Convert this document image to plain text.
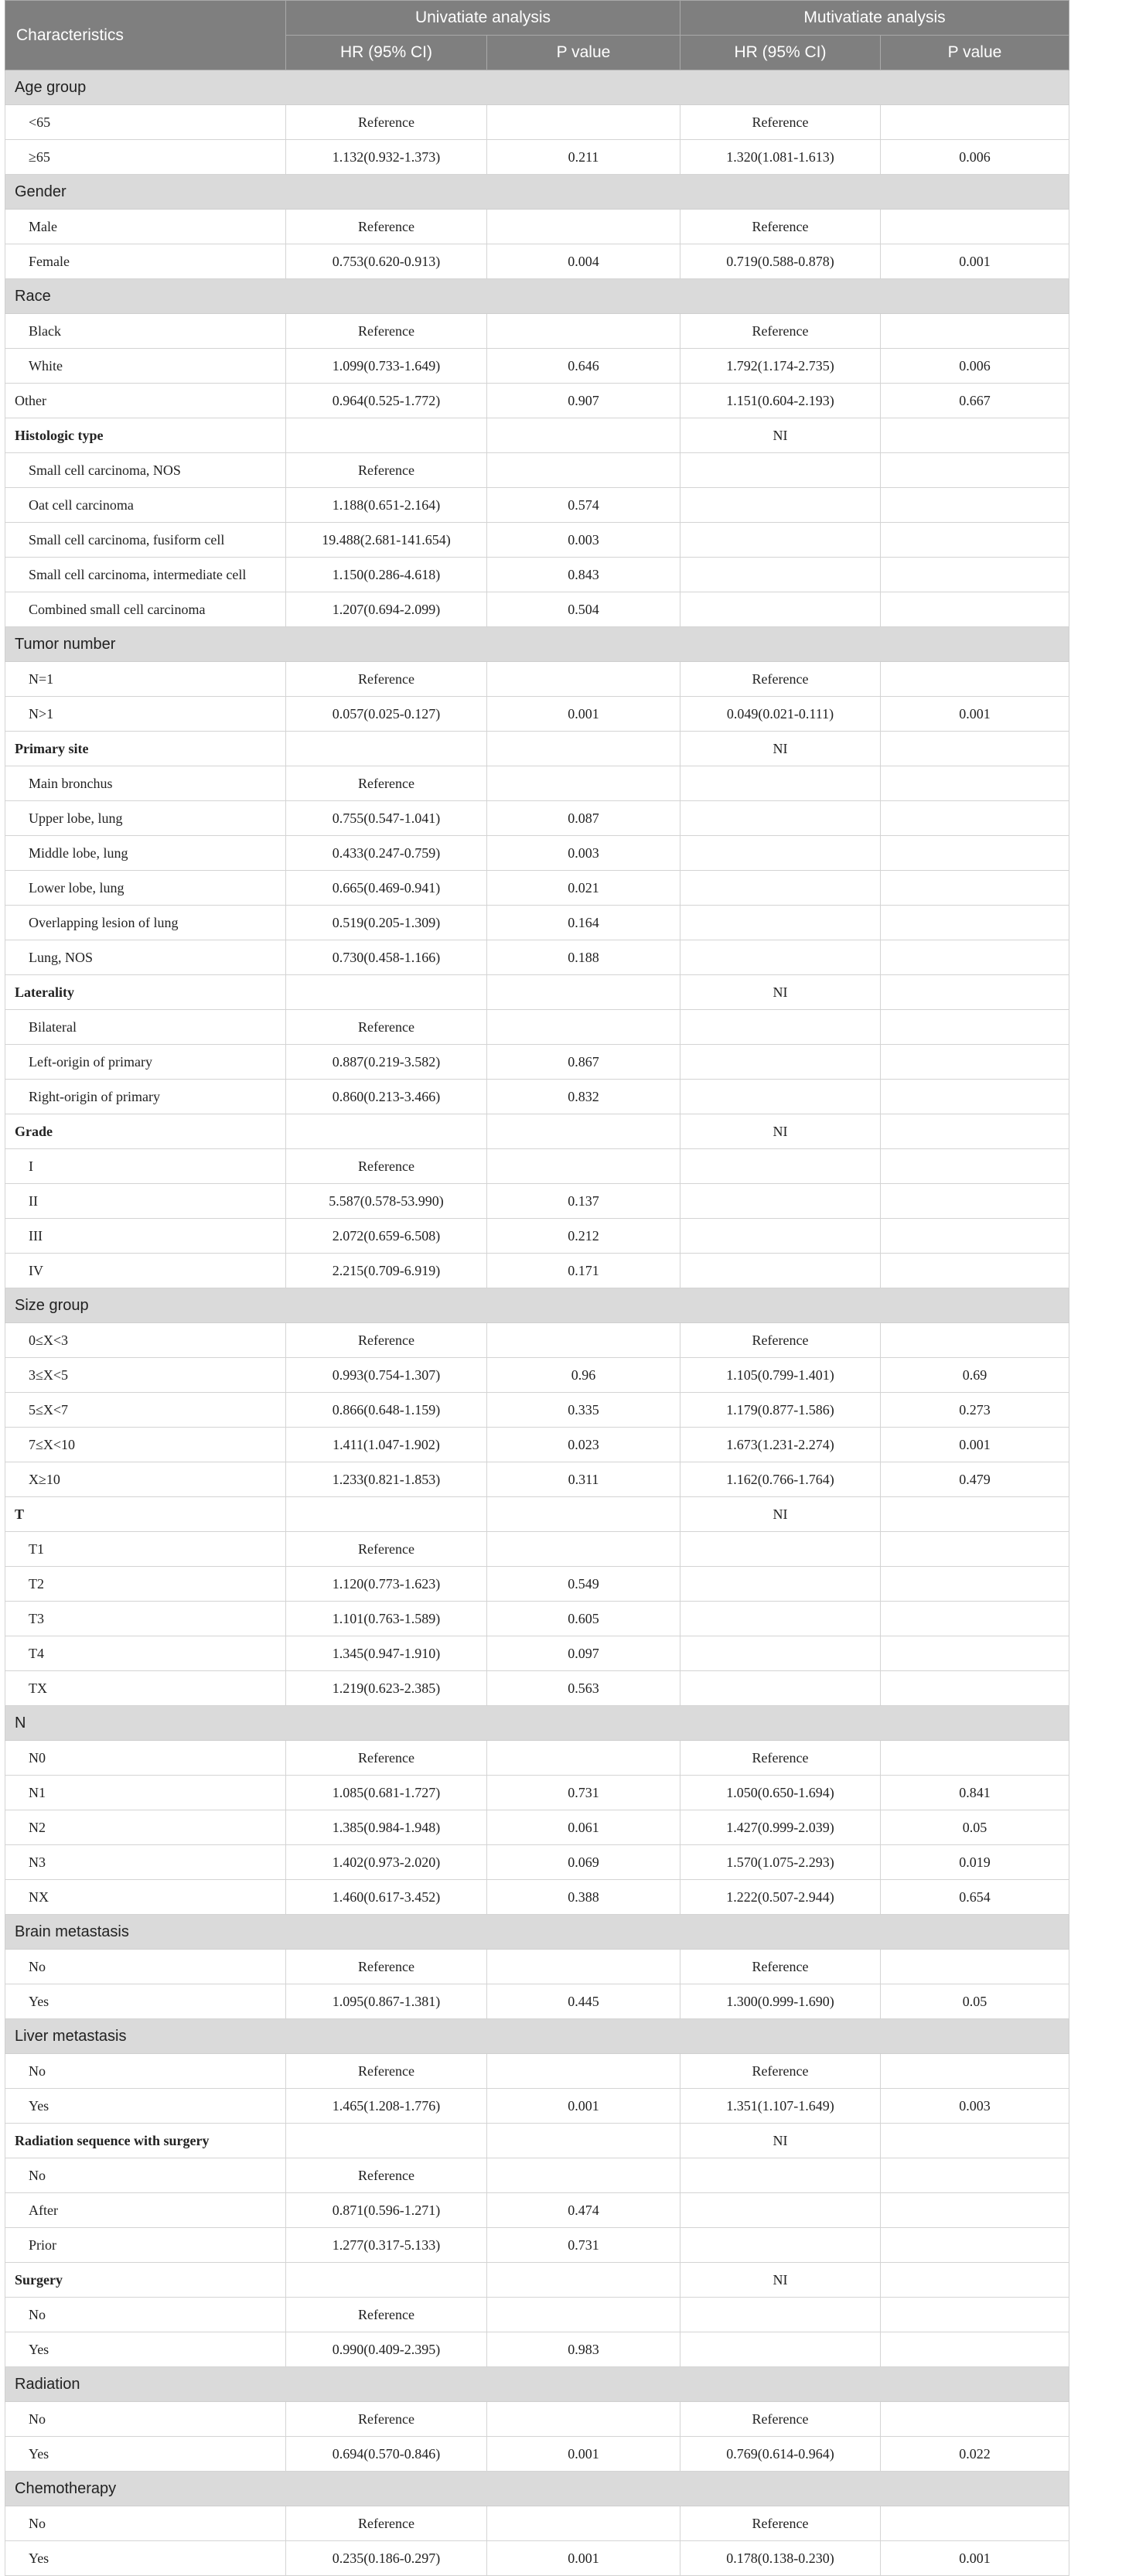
Characteristics	Univatiate analysis		Mutivatiate analysis	
	HR (95% CI)	P value	HR (95% CI)	P value
Age group				
<65	Reference		Reference	
≥65	1.132(0.932-1.373)	0.211	1.320(1.081-1.613)	0.006
Gender				
Male	Reference		Reference	
Female	0.753(0.620-0.913)	0.004	0.719(0.588-0.878)	0.001
Race				
Black	Reference		Reference	
White	1.099(0.733-1.649)	0.646	1.792(1.174-2.735)	0.006
Other	0.964(0.525-1.772)	0.907	1.151(0.604-2.193)	0.667
Histologic type			NI	
Small cell carcinoma, NOS	Reference			
Oat cell carcinoma	1.188(0.651-2.164)	0.574		
Small cell carcinoma, fusiform cell	19.488(2.681-141.654)	0.003		
Small cell carcinoma, intermediate cell	1.150(0.286-4.618)	0.843		
Combined small cell carcinoma	1.207(0.694-2.099)	0.504		
Tumor number				
N=1	Reference		Reference	
N>1	0.057(0.025-0.127)	0.001	0.049(0.021-0.111)	0.001
Primary site			NI	
Main bronchus	Reference			
Upper lobe, lung	0.755(0.547-1.041)	0.087		
Middle lobe, lung	0.433(0.247-0.759)	0.003		
Lower lobe, lung	0.665(0.469-0.941)	0.021		
Overlapping lesion of lung	0.519(0.205-1.309)	0.164		
Lung, NOS	0.730(0.458-1.166)	0.188		
Laterality			NI	
Bilateral	Reference			
Left-origin of primary	0.887(0.219-3.582)	0.867		
Right-origin of primary	0.860(0.213-3.466)	0.832		
Grade			NI	
I	Reference			
II	5.587(0.578-53.990)	0.137		
III	2.072(0.659-6.508)	0.212		
IV	2.215(0.709-6.919)	0.171		
Size group				
0≤X<3	Reference		Reference	
3≤X<5	0.993(0.754-1.307)	0.96	1.105(0.799-1.401)	0.69
5≤X<7	0.866(0.648-1.159)	0.335	1.179(0.877-1.586)	0.273
7≤X<10	1.411(1.047-1.902)	0.023	1.673(1.231-2.274)	0.001
X≥10	1.233(0.821-1.853)	0.311	1.162(0.766-1.764)	0.479
T			NI	
T1	Reference			
T2	1.120(0.773-1.623)	0.549		
T3	1.101(0.763-1.589)	0.605		
T4	1.345(0.947-1.910)	0.097		
TX	1.219(0.623-2.385)	0.563		
N				
N0	Reference		Reference	
N1	1.085(0.681-1.727)	0.731	1.050(0.650-1.694)	0.841
N2	1.385(0.984-1.948)	0.061	1.427(0.999-2.039)	0.05
N3	1.402(0.973-2.020)	0.069	1.570(1.075-2.293)	0.019
NX	1.460(0.617-3.452)	0.388	1.222(0.507-2.944)	0.654
Brain metastasis				
No	Reference		Reference	
Yes	1.095(0.867-1.381)	0.445	1.300(0.999-1.690)	0.05
Liver metastasis				
No	Reference		Reference	
Yes	1.465(1.208-1.776)	0.001	1.351(1.107-1.649)	0.003
Radiation sequence with surgery			NI	
No	Reference			
After	0.871(0.596-1.271)	0.474		
Prior	1.277(0.317-5.133)	0.731		
Surgery			NI	
No	Reference			
Yes	0.990(0.409-2.395)	0.983		
Radiation				
No	Reference		Reference	
Yes	0.694(0.570-0.846)	0.001	0.769(0.614-0.964)	0.022
Chemotherapy				
No	Reference		Reference	
Yes	0.235(0.186-0.297)	0.001	0.178(0.138-0.230)	0.001
